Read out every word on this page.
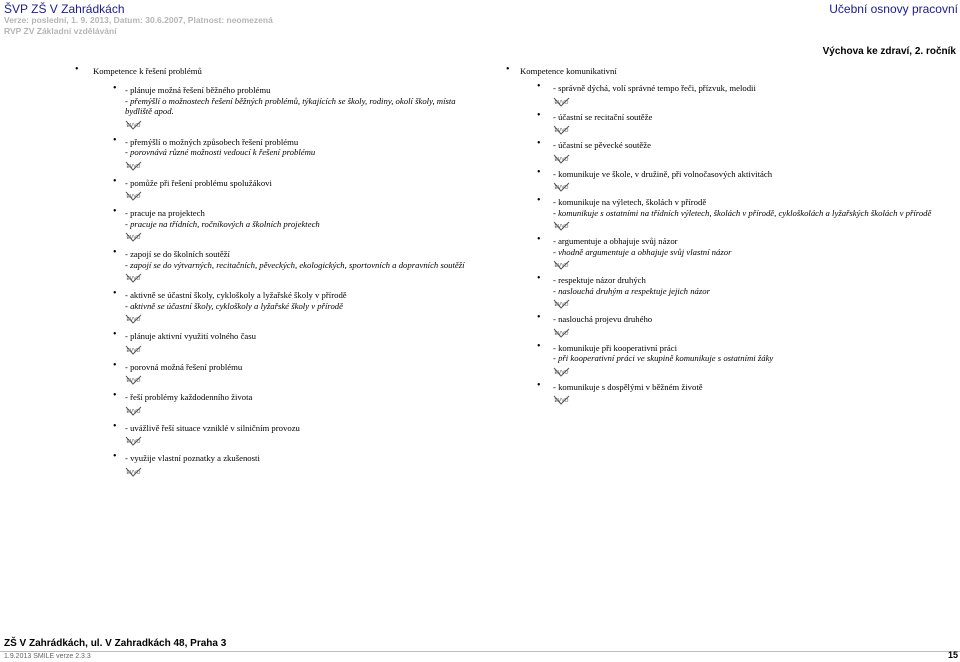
ŠVP ZŠ V Zahrádkách
Verze: poslední, 1. 9. 2013, Datum: 30.6.2007, Platnost: neomezená
RVP ZV Základní vzdělávání
Učební osnovy pracovní
Výchova ke zdraví, 2. ročník
• Kompetence k řešení problémů
• - plánuje možná řešení běžného problému
- přemýšlí o možnostech řešení běžných problémů, týkajících se školy, rodiny, okolí školy, místa bydliště apod.
EVVO
• - přemýšlí o možných způsobech řešení problému
- porovnává různé možnosti vedoucí k řešení problému
EVVO
• - pomůže při řešení problému spolužákovi
EVVO
• - pracuje na projektech
- pracuje na třídních, ročníkových a školních projektech
EVVO
• - zapojí se do školních soutěží
- zapojí se do výtvarných, recitačních, pěveckých, ekologických, sportovních a dopravních soutěží
EVVO
• - aktivně se účastní školy, cykloškoly a lyžařské školy v přírodě
- aktivně se účastní školy, cykloškoly a lyžařské školy v přírodě
EVVO
• - plánuje aktivní využití volného času
EVVO
• - porovná možná řešení problému
EVVO
• - řeší problémy každodenního života
EVVO
• - uvážlivě řeší situace vzniklé v silničním provozu
EVVO
• - využije vlastní poznatky a zkušenosti
EVVO
• Kompetence komunikativní
• - správně dýchá, volí správné tempo řeči, přízvuk, melodii
EVVO
• - účastní se recitační soutěže
EVVO
• - účastní se pěvecké soutěže
EVVO
• - komunikuje ve škole, v družině, při volnočasových aktivitách
EVVO
• - komunikuje na výletech, školách v přírodě
- komunikuje s ostatními na třídních výletech, školách v přírodě, cykloškolách a lyžařských školách v přírodě
EVVO
• - argumentuje a obhajuje svůj názor
- vhodně argumentuje a obhajuje svůj vlastní názor
EVVO
• - respektuje názor druhých
- naslouchá druhým a respektuje jejich názor
EVVO
• - naslouchá projevu druhého
EVVO
• - komunikuje při kooperativní práci
- při kooperativní práci ve skupině komunikuje s ostatními žáky
EVVO
• - komunikuje s dospělými v běžném životě
EVVO
ZŠ V Zahrádkách, ul. V Zahradkách 48, Praha 3
1.9.2013 SMILE verze 2.3.3	15
